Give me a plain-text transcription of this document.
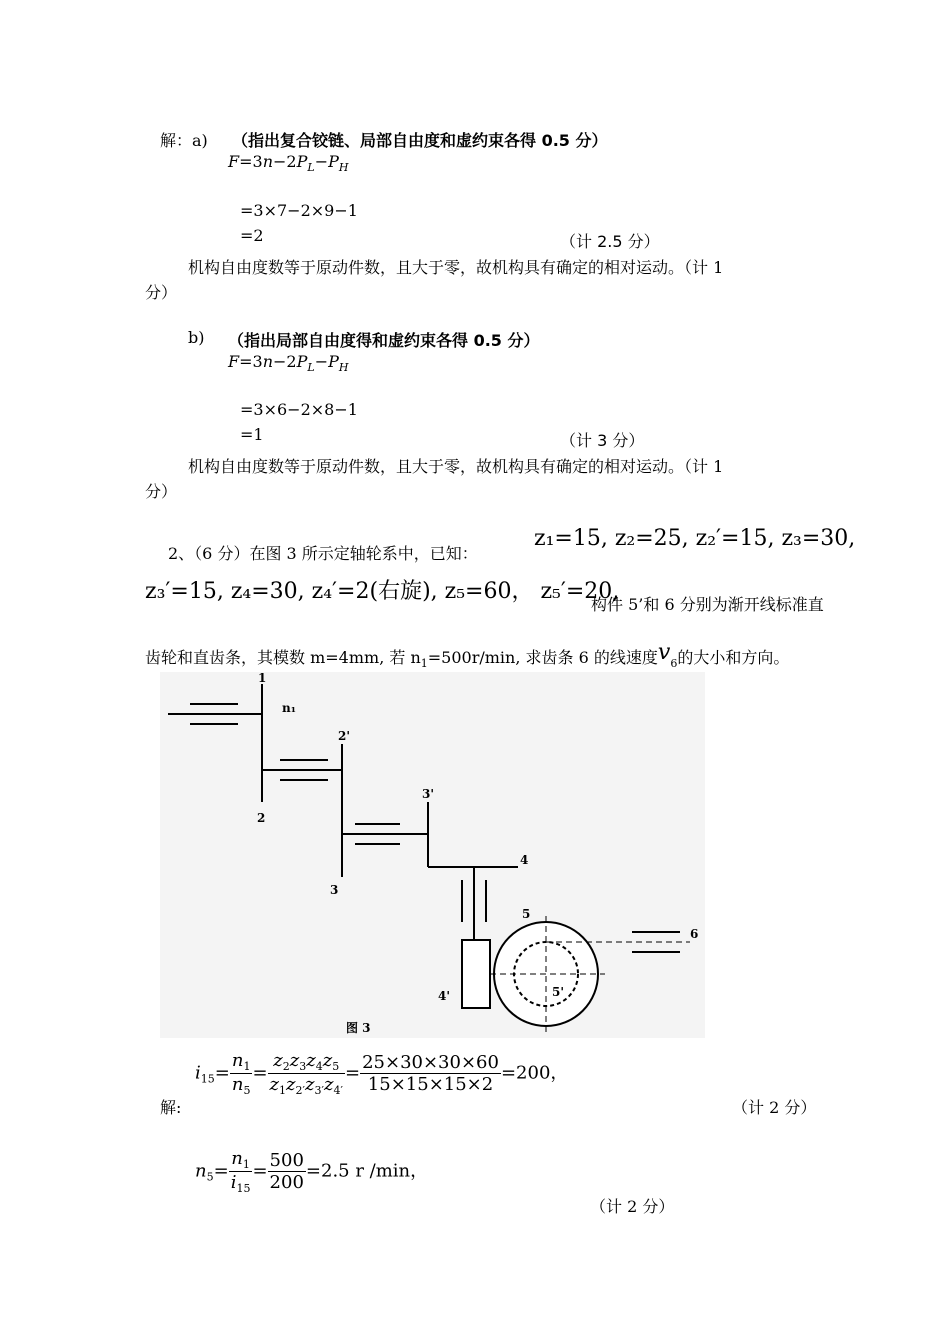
解：a) （指出复合铰链、局部自由度和虚约束各得 0.5 分）
$F=3n-2P_L-P_H$
=3×7−2×9−1
=2	（计 2.5 分）
机构自由度数等于原动件数，且大于零，故机构具有确定的相对运动。（计 1
分）
b) （指出局部自由度得和虚约束各得 0.5 分）
$F=3n-2P_L-P_H$
=3×6−2×8−1
=1	（计 3 分）
机构自由度数等于原动件数，且大于零，故机构具有确定的相对运动。（计 1
分）
2、（6 分）在图 3 所示定轴轮系中，已知：
z₁=15, z₂=25, z₂′=15, z₃=30,
z₃′=15, z₄=30, z₄′=2(右旋), z₅=60， z₅′=20,
构件 5’和 6 分别为渐开线标准直
齿轮和直齿条，其模数 m=4mm, 若 $n_1=500r/\min$, 求齿条 6 的线速度$v_6$的大小和方向。
1
n₁
2'
2
3'
3
4
5
6
4'	5'
图 3
$i_{15}= \frac{n_1}{n_5} = \frac{z_2z_3z_4z_5}{z_1z_{2'}z_{3'}z_{4'}} = \frac{25\times 30\times 30\times 60}{15\times 15\times 15\times 2} =200$，
解:	（计 2 分）
$n_5= \frac{n_1}{i_{15}} = \frac{500}{200} =2.5$ r /min，
（计 2 分）
